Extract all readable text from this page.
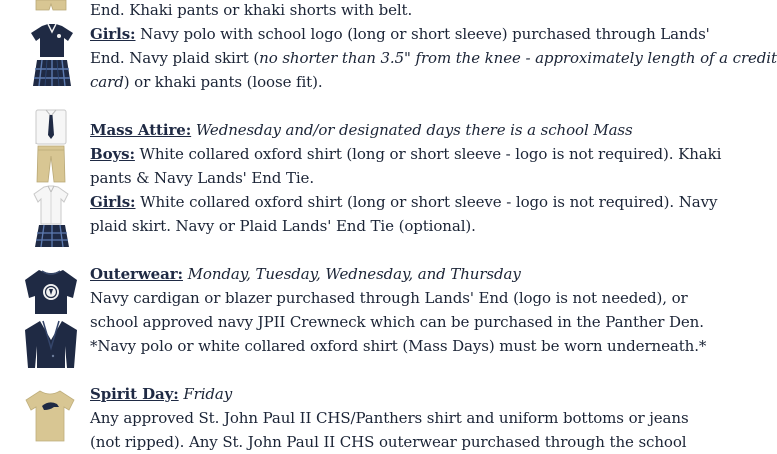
End. Khaki pants or khaki shorts with belt.
Girls: Navy polo with school logo (long or short sleeve) purchased through Lands'
End. Navy plaid skirt (no shorter than 3.5" from the knee - approximately length of a credit
card) or khaki pants (loose fit).
Mass Attire: Wednesday and/or designated days there is a school Mass
Boys: White collared oxford shirt (long or short sleeve - logo is not required). Khaki
pants & Navy Lands' End Tie.
Girls: White collared oxford shirt (long or short sleeve - logo is not required). Navy
plaid skirt. Navy or Plaid Lands' End Tie (optional).
Outerwear: Monday, Tuesday, Wednesday, and Thursday
Navy cardigan or blazer purchased through Lands' End (logo is not needed), or
school approved navy JPII Crewneck which can be purchased in the Panther Den.
*Navy polo or white collared oxford shirt (Mass Days) must be worn underneath.*
Spirit Day: Friday
Any approved St. John Paul II CHS/Panthers shirt and uniform bottoms or jeans
(not ripped). Any St. John Paul II CHS outerwear purchased through the school
